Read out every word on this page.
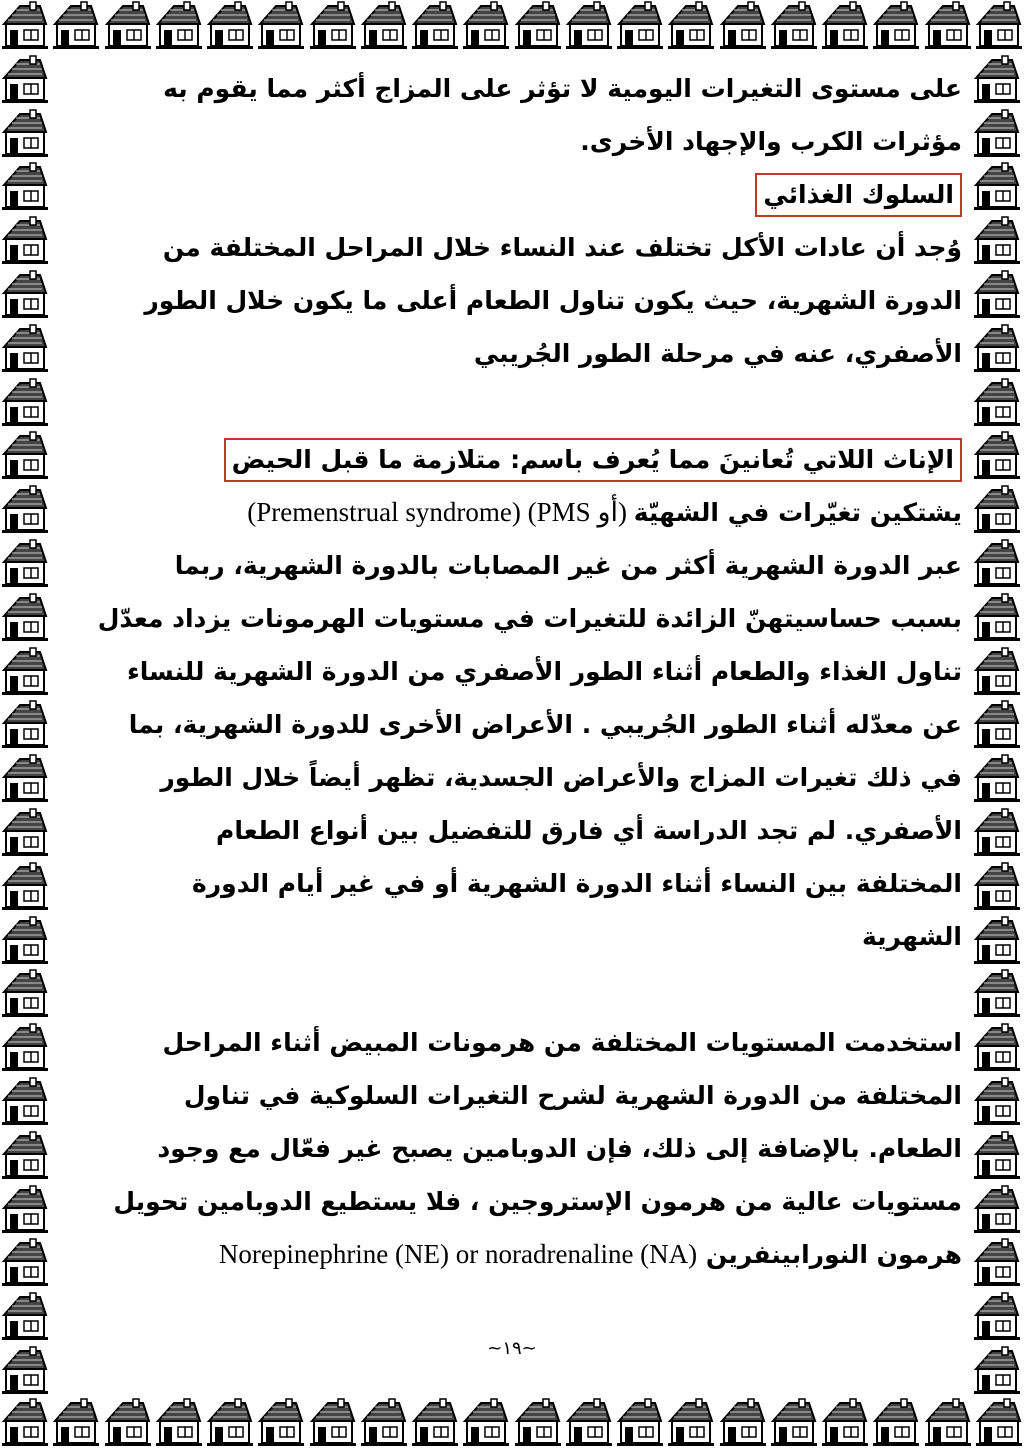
على مستوى التغيرات اليومية لا تؤثر على المزاج أكثر مما يقوم به
مؤثرات الكرب والإجهاد الأخرى.
السلوك الغذائي
وُجد أن عادات الأكل تختلف عند النساء خلال المراحل المختلفة من
الدورة الشهرية، حيث يكون تناول الطعام أعلى ما يكون خلال الطور
الأصفري، عنه في مرحلة الطور الجُريبي
الإناث اللاتي تُعانينَ مما يُعرف باسم: متلازمة ما قبل الحيض
يشتكين تغيّرات في الشهيّة (أو PMS) (Premenstrual syndrome)
عبر الدورة الشهرية أكثر من غير المصابات بالدورة الشهرية، ربما
بسبب حساسيتهنّ الزائدة للتغيرات في مستويات الهرمونات يزداد معدّل
تناول الغذاء والطعام أثناء الطور الأصفري من الدورة الشهرية للنساء
عن معدّله أثناء الطور الجُريبي . الأعراض الأخرى للدورة الشهرية، بما
في ذلك تغيرات المزاج والأعراض الجسدية، تظهر أيضاً خلال الطور
الأصفري. لم تجد الدراسة أي فارق للتفضيل بين أنواع الطعام
المختلفة بين النساء أثناء الدورة الشهرية أو في غير أيام الدورة
الشهرية
استخدمت المستويات المختلفة من هرمونات المبيض أثناء المراحل
المختلفة من الدورة الشهرية لشرح التغيرات السلوكية في تناول
الطعام. بالإضافة إلى ذلك، فإن الدوبامين يصبح غير فعّال مع وجود
مستويات عالية من هرمون الإستروجين ، فلا يستطيع الدوبامين تحويل
هرمون النورابينفرين (Norepinephrine (NE) or noradrenaline (NA
~١٩~
